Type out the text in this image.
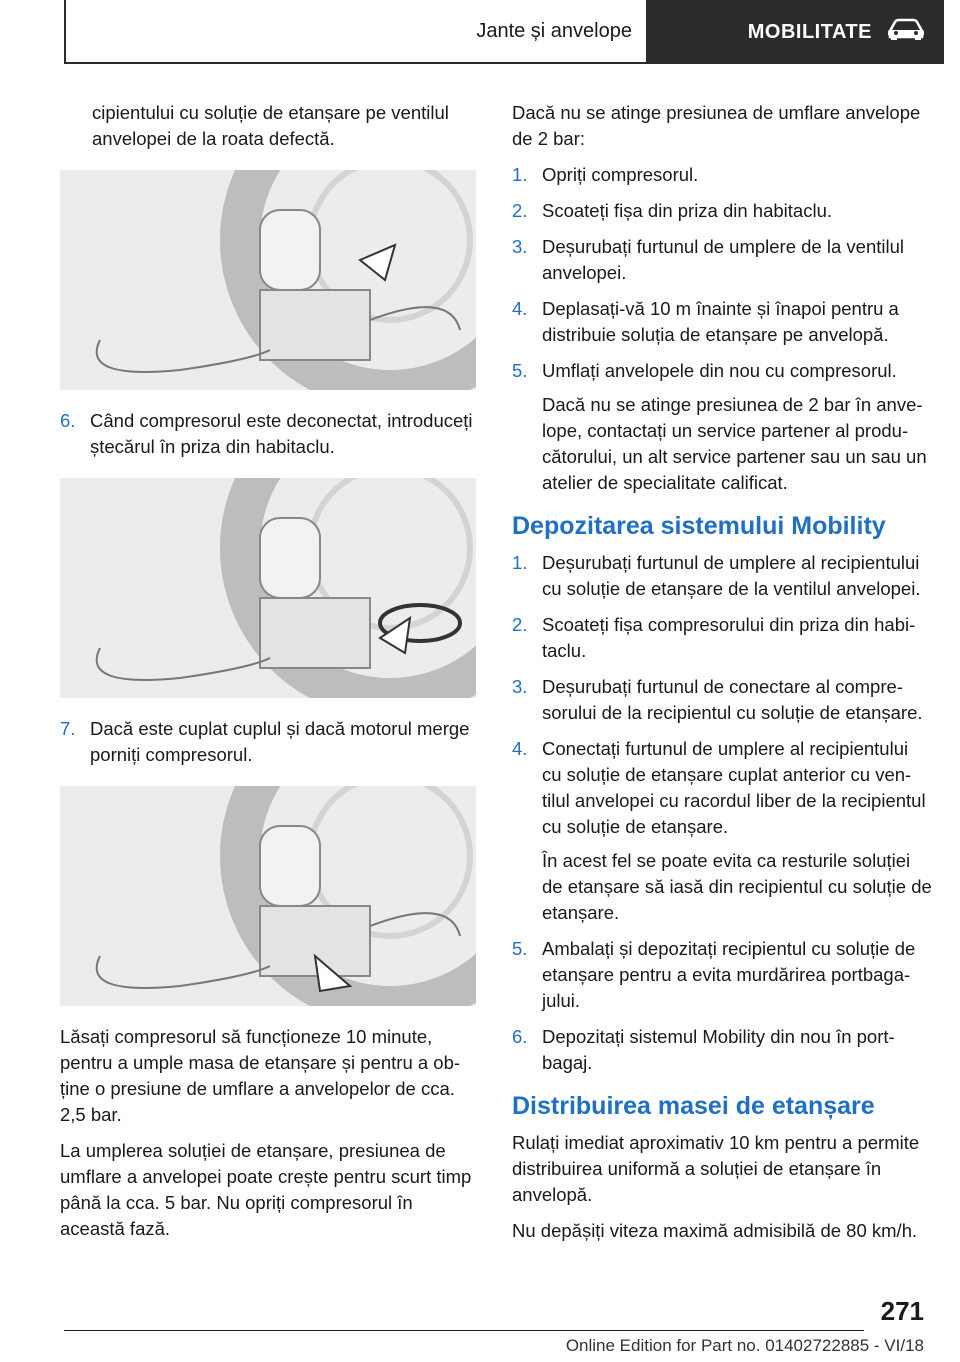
Jante și anvelope	MOBILITATE

cipientului cu soluție de etanșare pe ventilul anvelopei de la roata defectă.

6. Când compresorul este deconectat, introduceți ștecărul în priza din habitaclu.
7. Dacă este cuplat cuplul și dacă motorul merge porniți compresorul.

Lăsați compresorul să funcționeze 10 minute, pentru a umple masa de etanșare și pentru a obține o presiune de umflare a anvelopelor de cca. 2,5 bar.

La umplerea soluției de etanșare, presiunea de umflare a anvelopei poate crește pentru scurt timp până la cca. 5 bar. Nu opriți compresorul în această fază.

Dacă nu se atinge presiunea de umflare anvelope de 2 bar:

1. Opriți compresorul.
2. Scoateți fișa din priza din habitaclu.
3. Deșurubați furtunul de umplere de la ventilul anvelopei.
4. Deplasați-vă 10 m înainte și înapoi pentru a distribuie soluția de etanșare pe anvelopă.
5. Umflați anvelopele din nou cu compresorul.

Dacă nu se atinge presiunea de 2 bar în anvelope, contactați un service partener al producătorului, un alt service partener sau un sau un atelier de specialitate calificat.

Depozitarea sistemului Mobility
1. Deșurubați furtunul de umplere al recipientului cu soluție de etanșare de la ventilul anvelopei.
2. Scoateți fișa compresorului din priza din habitaclu.
3. Deșurubați furtunul de conectare al compresorului de la recipientul cu soluție de etanșare.
4. Conectați furtunul de umplere al recipientului cu soluție de etanșare cuplat anterior cu ventilul anvelopei cu racordul liber de la recipientul cu soluție de etanșare.

În acest fel se poate evita ca resturile soluției de etanșare să iasă din recipientul cu soluție de etanșare.

5. Ambalați și depozitați recipientul cu soluție de etanșare pentru a evita murdărirea portbagajului.
6. Depozitați sistemul Mobility din nou în portbagaj.
Distribuirea masei de etanșare

Rulați imediat aproximativ 10 km pentru a permite distribuirea uniformă a soluției de etanșare în anvelopă.

Nu depășiți viteza maximă admisibilă de 80 km/h.

271
Online Edition for Part no. 01402722885 - VI/18
